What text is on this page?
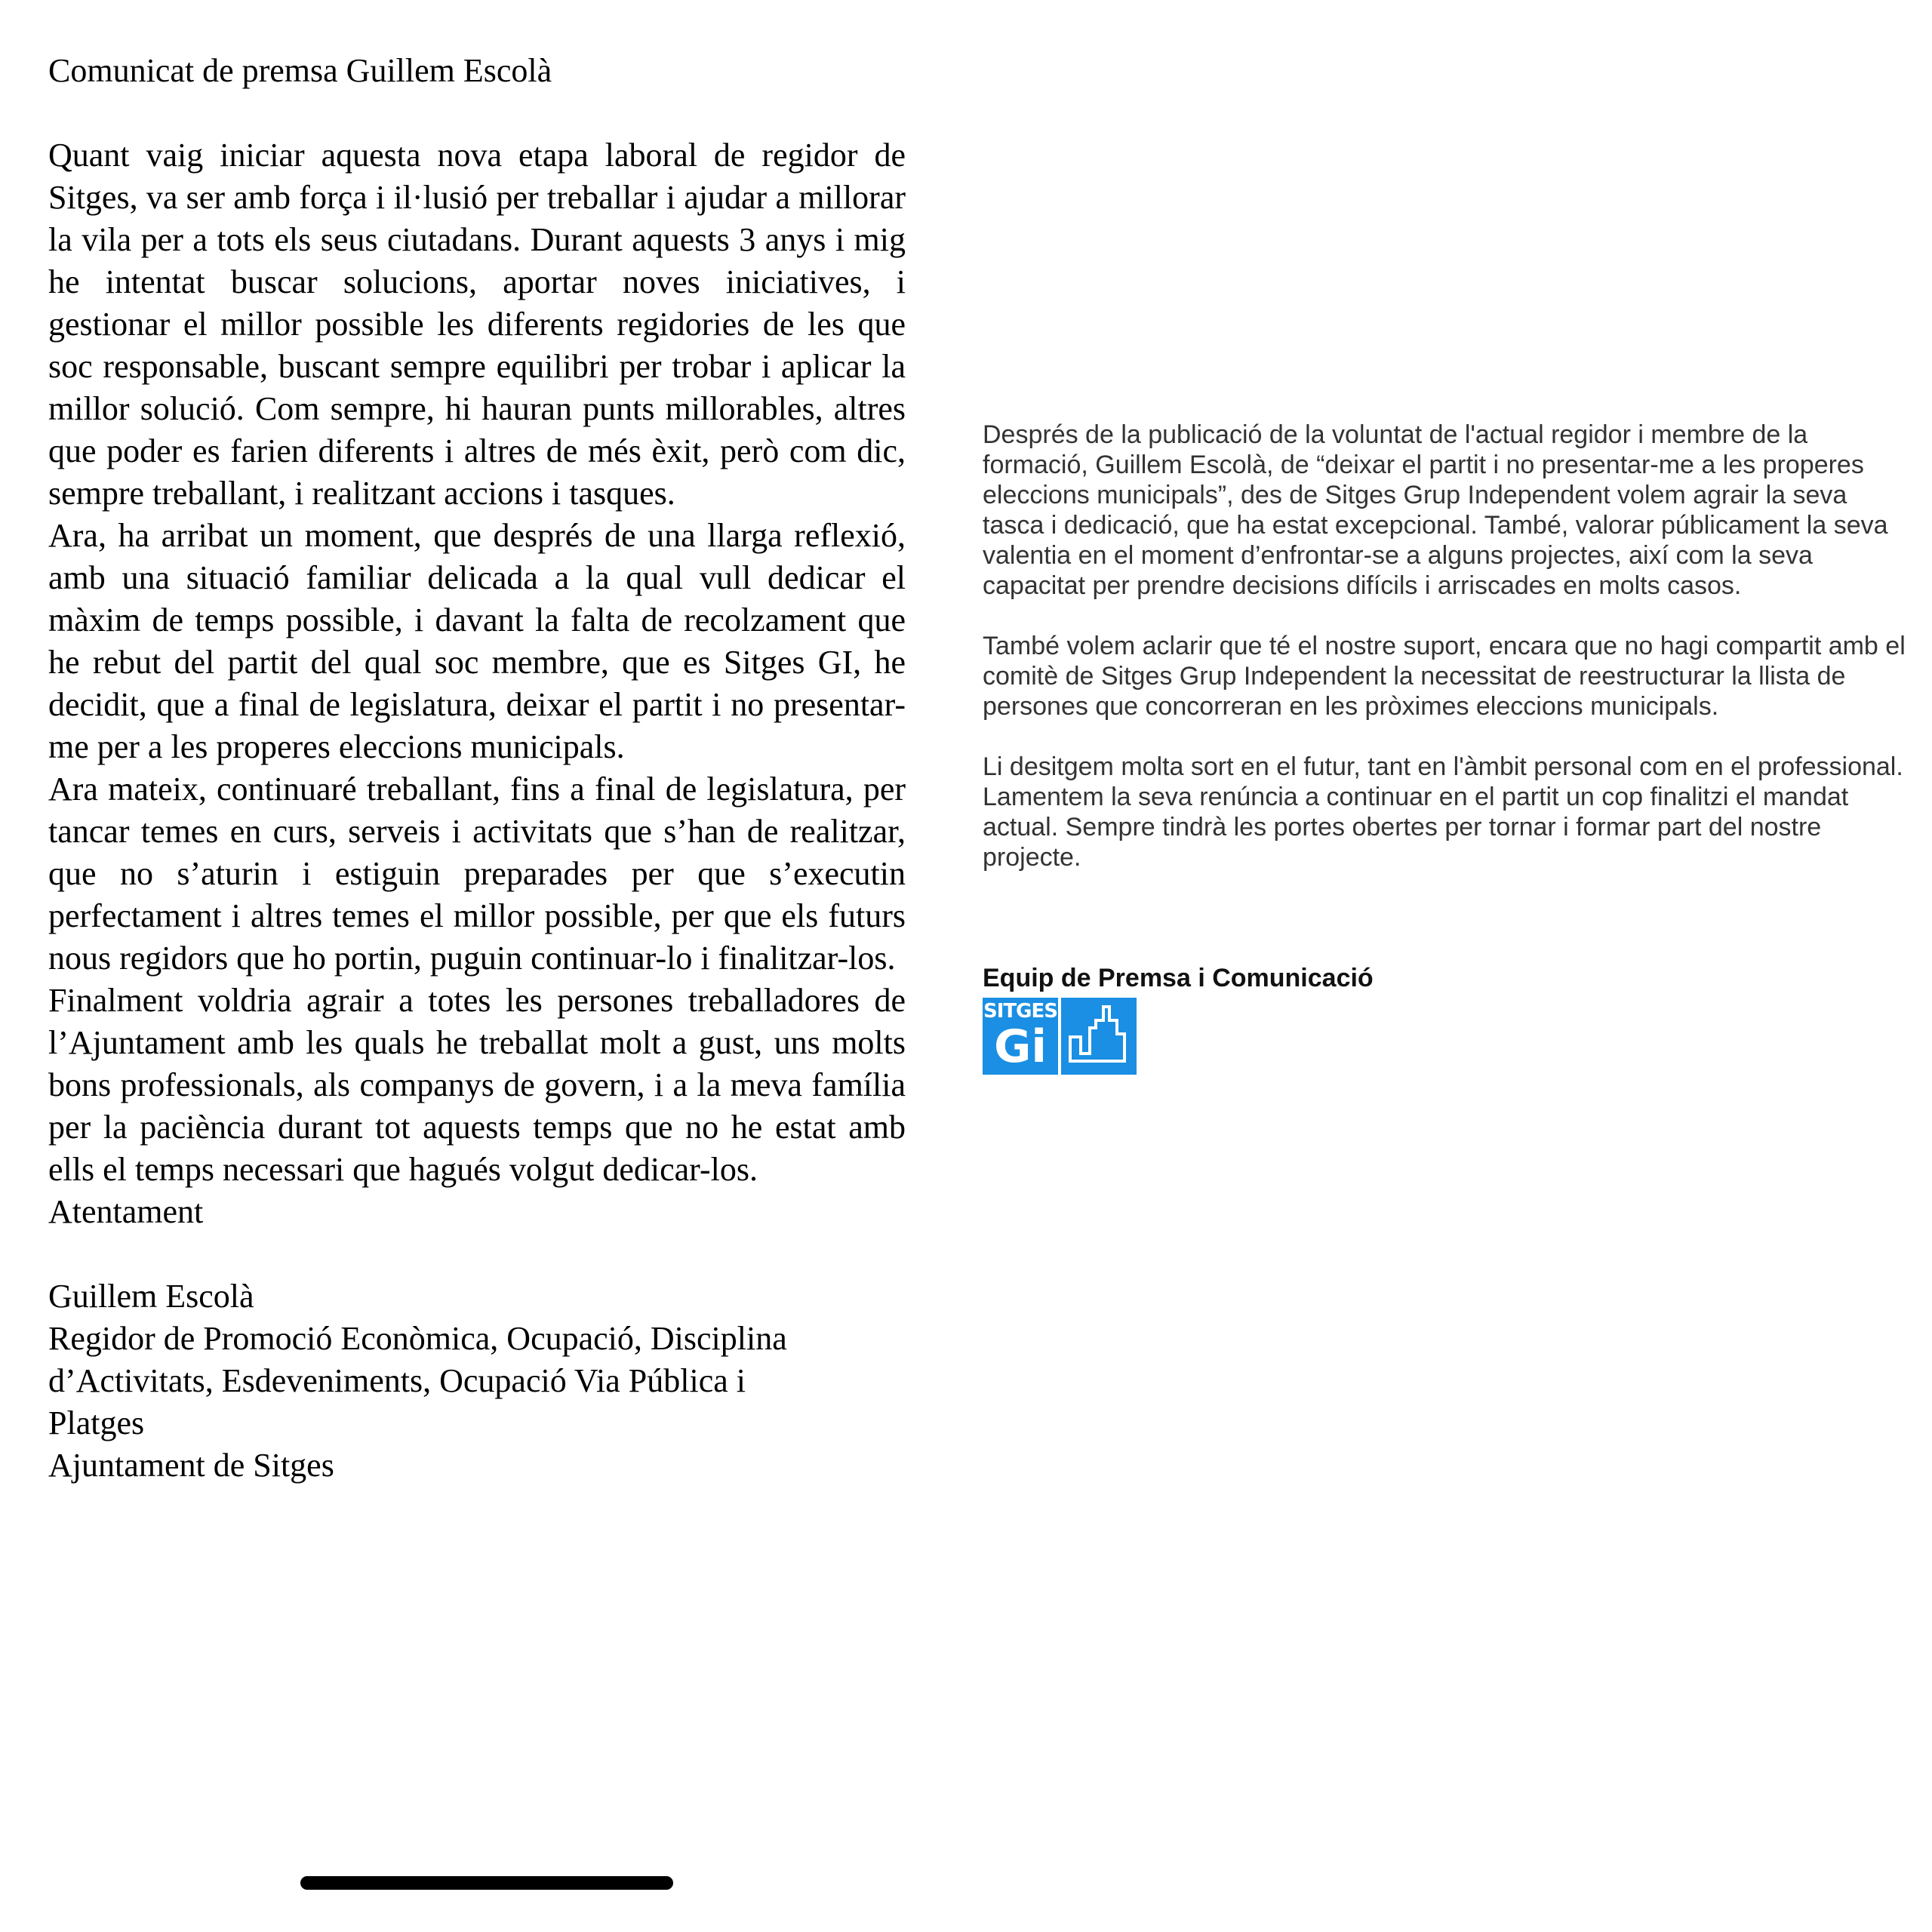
Comunicat de premsa Guillem Escolà

Quant vaig iniciar aquesta nova etapa laboral de regidor de Sitges, va ser amb força i il·lusió per treballar i ajudar a millorar la vila per a tots els seus ciutadans. Durant aquests 3 anys i mig he intentat buscar solucions, aportar noves iniciatives, i gestionar el millor possible les diferents regidories de les que soc responsable, buscant sempre equilibri per trobar i aplicar la millor solució. Com sempre, hi hauran punts millorables, altres que poder es farien diferents i altres de més èxit, però com dic, sempre treballant, i realitzant accions i tasques.

Ara, ha arribat un moment, que després de una llarga reflexió, amb una situació familiar delicada a la qual vull dedicar el màxim de temps possible, i davant la falta de recolzament que he rebut del partit del qual soc membre, que es Sitges GI, he decidit, que a final de legislatura, deixar el partit i no presentar-me per a les properes eleccions municipals.

Ara mateix, continuaré treballant, fins a final de legislatura, per tancar temes en curs, serveis i activitats que s’han de realitzar, que no s’aturin i estiguin preparades per que s’executin perfectament i altres temes el millor possible, per que els futurs nous regidors que ho portin, puguin continuar-lo i finalitzar-los.

Finalment voldria agrair a totes les persones treballadores de l’Ajuntament amb les quals he treballat molt a gust, uns molts bons professionals, als companys de govern, i a la meva família per la paciència durant tot aquests temps que no he estat amb ells el temps necessari que hagués volgut dedicar-los.

Atentament

Guillem Escolà

Regidor de Promoció Econòmica, Ocupació, Disciplina

d’Activitats, Esdeveniments, Ocupació Via Pública i

Platges

Ajuntament de Sitges

Després de la publicació de la voluntat de l'actual regidor i membre de la formació, Guillem Escolà, de “deixar el partit i no presentar-me a les properes eleccions municipals”, des de Sitges Grup Independent volem agrair la seva tasca i dedicació, que ha estat excepcional. També, valorar públicament la seva valentia en el moment d’enfrontar-se a alguns projectes, així com la seva capacitat per prendre decisions difícils i arriscades en molts casos.

També volem aclarir que té el nostre suport, encara que no hagi compartit amb el comitè de Sitges Grup Independent la necessitat de reestructurar la llista de persones que concorreran en les pròximes eleccions municipals.

Li desitgem molta sort en el futur, tant en l'àmbit personal com en el professional. Lamentem la seva renúncia a continuar en el partit un cop finalitzi el mandat actual. Sempre tindrà les portes obertes per tornar i formar part del nostre projecte.

Equip de Premsa i Comunicació

SITGES
Gi
